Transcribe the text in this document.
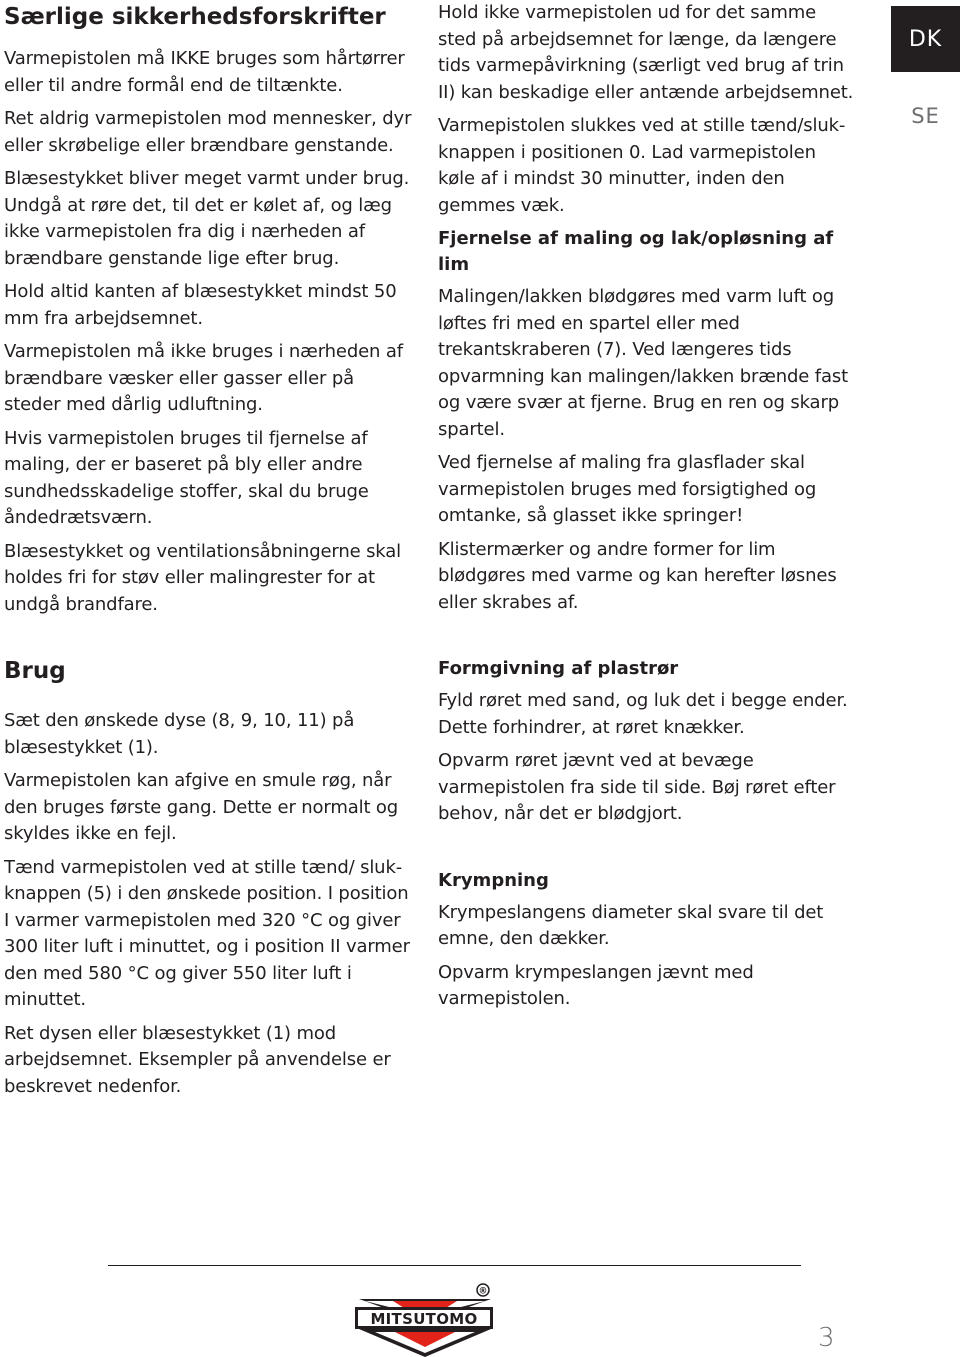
Særlige sikkerhedsforskrifter

Varmepistolen må IKKE bruges som hårtørrer eller til andre formål end de tiltænkte.

Ret aldrig varmepistolen mod mennesker, dyr eller skrøbelige eller brændbare genstande.

Blæsestykket bliver meget varmt under brug. Undgå at røre det, til det er kølet af, og læg ikke varmepistolen fra dig i nærheden af brændbare genstande lige efter brug.

Hold altid kanten af blæsestykket mindst 50 mm fra arbejdsemnet.

Varmepistolen må ikke bruges i nærheden af brændbare væsker eller gasser eller på steder med dårlig udluftning.

Hvis varmepistolen bruges til fjernelse af maling, der er baseret på bly eller andre sundhedsskadelige stoffer, skal du bruge åndedrætsværn.

Blæsestykket og ventilationsåbningerne skal holdes fri for støv eller malingrester for at undgå brandfare.

Brug

Sæt den ønskede dyse (8, 9, 10, 11) på blæsestykket (1).

Varmepistolen kan afgive en smule røg, når den bruges første gang. Dette er normalt og skyldes ikke en fejl.

Tænd varmepistolen ved at stille tænd/ sluk-knappen (5) i den ønskede position. I position I varmer varmepistolen med 320 °C og giver 300 liter luft i minuttet, og i position II varmer den med 580 °C og giver 550 liter luft i minuttet.

Ret dysen eller blæsestykket (1) mod arbejdsemnet. Eksempler på anvendelse er beskrevet nedenfor.

Hold ikke varmepistolen ud for det samme sted på arbejdsemnet for længe, da længere tids varmepåvirkning (særligt ved brug af trin II) kan beskadige eller antænde arbejdsemnet.

Varmepistolen slukkes ved at stille tænd/sluk-knappen i positionen 0. Lad varmepistolen køle af i mindst 30 minutter, inden den gemmes væk.

Fjernelse af maling og lak/opløsning af lim

Malingen/lakken blødgøres med varm luft og løftes fri med en spartel eller med trekantskraberen (7). Ved længeres tids opvarmning kan malingen/lakken brænde fast og være svær at fjerne. Brug en ren og skarp spartel.

Ved fjernelse af maling fra glasflader skal varmepistolen bruges med forsigtighed og omtanke, så glasset ikke springer!

Klistermærker og andre former for lim blødgøres med varme og kan herefter løsnes eller skrabes af.

Formgivning af plastrør

Fyld røret med sand, og luk det i begge ender. Dette forhindrer, at røret knækker.

Opvarm røret jævnt ved at bevæge varmepistolen fra side til side. Bøj røret efter behov, når det er blødgjort.

Krympning

Krympeslangens diameter skal svare til det emne, den dækker.

Opvarm krympeslangen jævnt med varmepistolen.

DK
SE
®
MITSUTOMO
3
